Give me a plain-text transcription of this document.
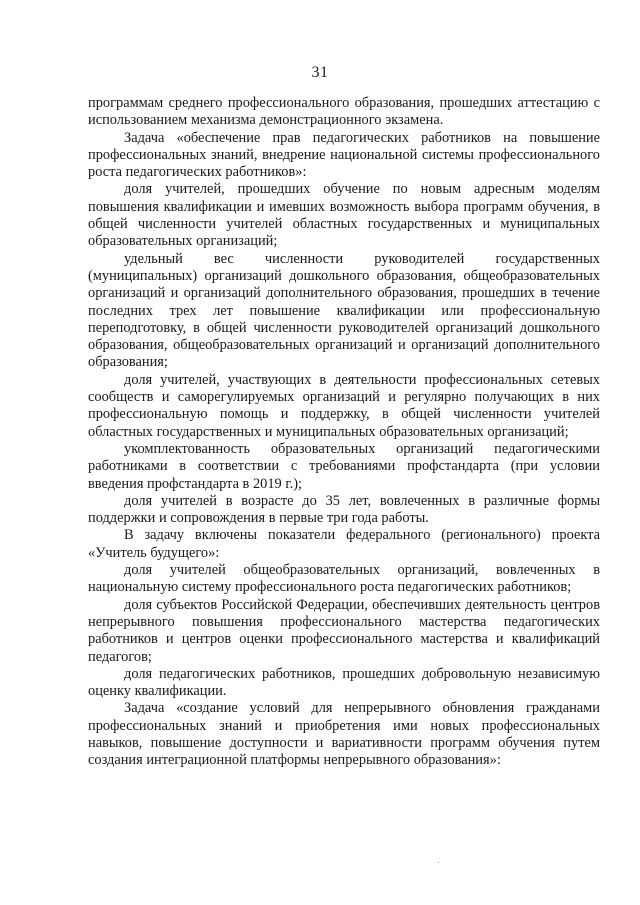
31

программам среднего профессионального образования, прошедших аттестацию с использованием механизма демонстрационного экзамена.

Задача «обеспечение прав педагогических работников на повышение профессиональных знаний, внедрение национальной системы профессионального роста педагогических работников»:

доля учителей, прошедших обучение по новым адресным моделям повышения квалификации и имевших возможность выбора программ обучения, в общей численности учителей областных государственных и муниципальных образовательных организаций;

удельный вес численности руководителей государственных (муниципальных) организаций дошкольного образования, общеобразовательных организаций и организаций дополнительного образования, прошедших в течение последних трех лет повышение квалификации или профессиональную переподготовку, в общей численности руководителей организаций дошкольного образования, общеобразовательных организаций и организаций дополнительного образования;

доля учителей, участвующих в деятельности профессиональных сетевых сообществ и саморегулируемых организаций и регулярно получающих в них профессиональную помощь и поддержку, в общей численности учителей областных государственных и муниципальных образовательных организаций;

укомплектованность образовательных организаций педагогическими работниками в соответствии с требованиями профстандарта (при условии введения профстандарта в 2019 г.);

доля учителей в возрасте до 35 лет, вовлеченных в различные формы поддержки и сопровождения в первые три года работы.

В задачу включены показатели федерального (регионального) проекта «Учитель будущего»:

доля учителей общеобразовательных организаций, вовлеченных в национальную систему профессионального роста педагогических работников;

доля субъектов Российской Федерации, обеспечивших деятельность центров непрерывного повышения профессионального мастерства педагогических работников и центров оценки профессионального мастерства и квалификаций педагогов;

доля педагогических работников, прошедших добровольную независимую оценку квалификации.

Задача «создание условий для непрерывного обновления гражданами профессиональных знаний и приобретения ими новых профессиональных навыков, повышение доступности и вариативности программ обучения путем создания интеграционной платформы непрерывного образования»:
